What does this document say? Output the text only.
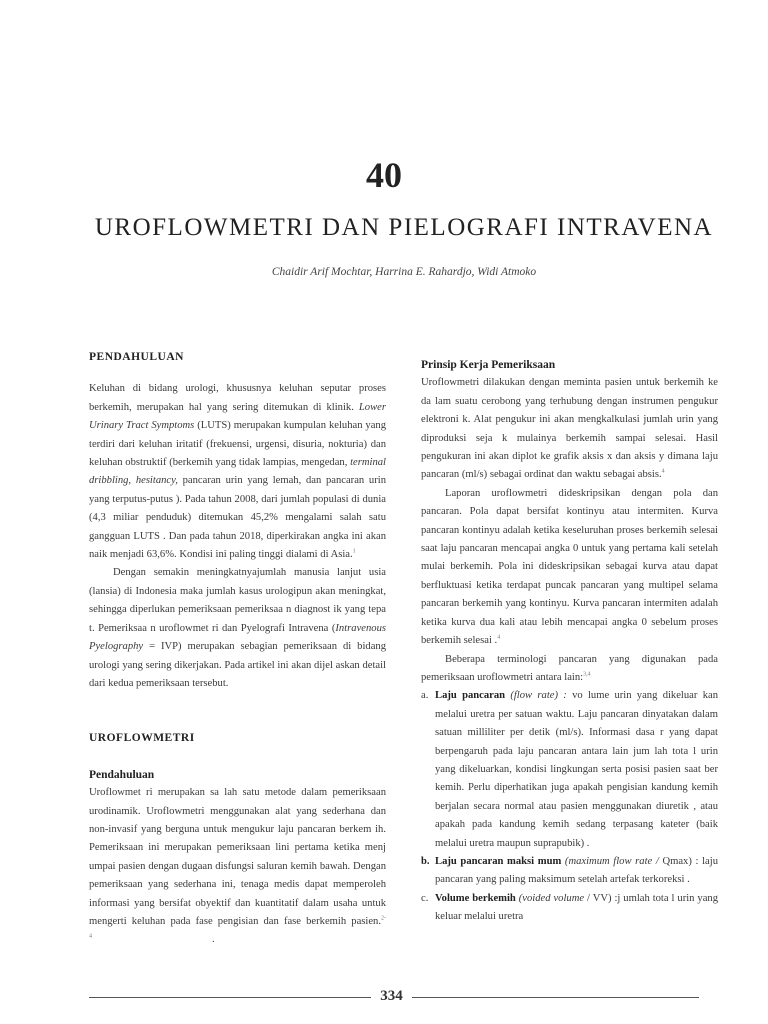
40
UROFLOWMETRI DAN PIELOGRAFI INTRAVENA
Chaidir Arif Mochtar, Harrina E. Rahardjo, Widi Atmoko

PENDAHULUAN

Keluhan di bidang urologi, khususnya keluhan seputar proses berkemih, merupakan hal yang sering ditemukan di klinik. Lower Urinary Tract Symptoms (LUTS) merupakan kumpulan keluhan yang terdiri dari keluhan iritatif (frekuensi, urgensi, disuria, nokturia) dan keluhan obstruktif (berkemih yang tidak lampias, mengedan, terminal dribbling, hesitancy, pancaran urin yang lemah, dan pancaran urin yang terputus-putus ). Pada tahun 2008, dari jumlah populasi di dunia (4,3 miliar penduduk) ditemukan 45,2% mengalami salah satu gangguan LUTS . Dan pada tahun 2018, diperkirakan angka ini akan naik menjadi 63,6%. Kondisi ini paling tinggi dialami di Asia.$^1$

Dengan semakin meningkatnyajumlah manusia lanjut usia (lansia) di Indonesia maka jumlah kasus urologipun akan meningkat, sehingga diperlukan pemeriksaan pemeriksaa n diagnost ik yang tepa t. Pemeriksaa n uroflowmet ri dan Pyelografi Intravena (Intravenous Pyelography = IVP) merupakan sebagian pemeriksaan di bidang urologi yang sering dikerjakan. Pada artikel ini akan dijel askan detail dari kedua pemeriksaan tersebut.

UROFLOWMETRI

Pendahuluan

Uroflowmet ri merupakan sa lah satu metode dalam pemeriksaan urodinamik. Uroflowmetri menggunakan alat yang sederhana dan non-invasif yang berguna untuk mengukur laju pancaran berkem ih. Pemeriksaan ini merupakan pemeriksaan lini pertama ketika menj umpai pasien dengan dugaan disfungsi saluran kemih bawah. Dengan pemeriksaan yang sederhana ini, tenaga medis dapat memperoleh informasi yang bersifat obyektif dan kuantitatif dalam usaha untuk mengerti keluhan pada fase pengisian dan fase berkemih pasien.$^{2-4}$	.

Prinsip Kerja Pemeriksaan

Uroflowmetri dilakukan dengan meminta pasien untuk berkemih ke da lam suatu cerobong yang terhubung dengan instrumen pengukur elektroni k. Alat pengukur ini akan mengkalkulasi jumlah urin yang diproduksi seja k mulainya berkemih sampai selesai. Hasil pengukuran ini akan diplot ke grafik aksis x dan aksis y dimana laju pancaran (ml/s) sebagai ordinat dan waktu sebagai absis.$^4$

Laporan uroflowmetri dideskripsikan dengan pola dan pancaran. Pola dapat bersifat kontinyu atau intermiten. Kurva pancaran kontinyu adalah ketika keseluruhan proses berkemih selesai saat laju pancaran mencapai angka 0 untuk yang pertama kali setelah mulai berkemih. Pola ini dideskripsikan sebagai kurva atau dapat berfluktuasi ketika terdapat puncak pancaran yang multipel selama pancaran berkemih yang kontinyu. Kurva pancaran intermiten adalah ketika kurva dua kali atau lebih mencapai angka 0 sebelum proses berkemih selesai .$^4$

Beberapa terminologi pancaran yang digunakan pada pemeriksaan uroflowmetri antara lain:$^{3,4}$

a. Laju pancaran (flow rate) : vo lume urin yang dikeluar kan melalui uretra per satuan waktu. Laju pancaran dinyatakan dalam satuan milliliter per detik (ml/s). Informasi dasa r yang dapat berpengaruh pada laju pancaran antara lain jum lah tota l urin yang dikeluarkan, kondisi lingkungan serta posisi pasien saat ber kemih. Perlu diperhatikan juga apakah pengisian kandung kemih berjalan secara normal atau pasien menggunakan diuretik , atau apakah pada kandung kemih sedang terpasang kateter (baik melalui uretra maupun suprapubik) .

b. Laju pancaran maksi mum (maximum flow rate / Qmax) : laju pancaran yang paling maksimum setelah artefak terkoreksi .

c. Volume berkemih (voided volume / VV) :j umlah tota l urin yang keluar melalui uretra

334
